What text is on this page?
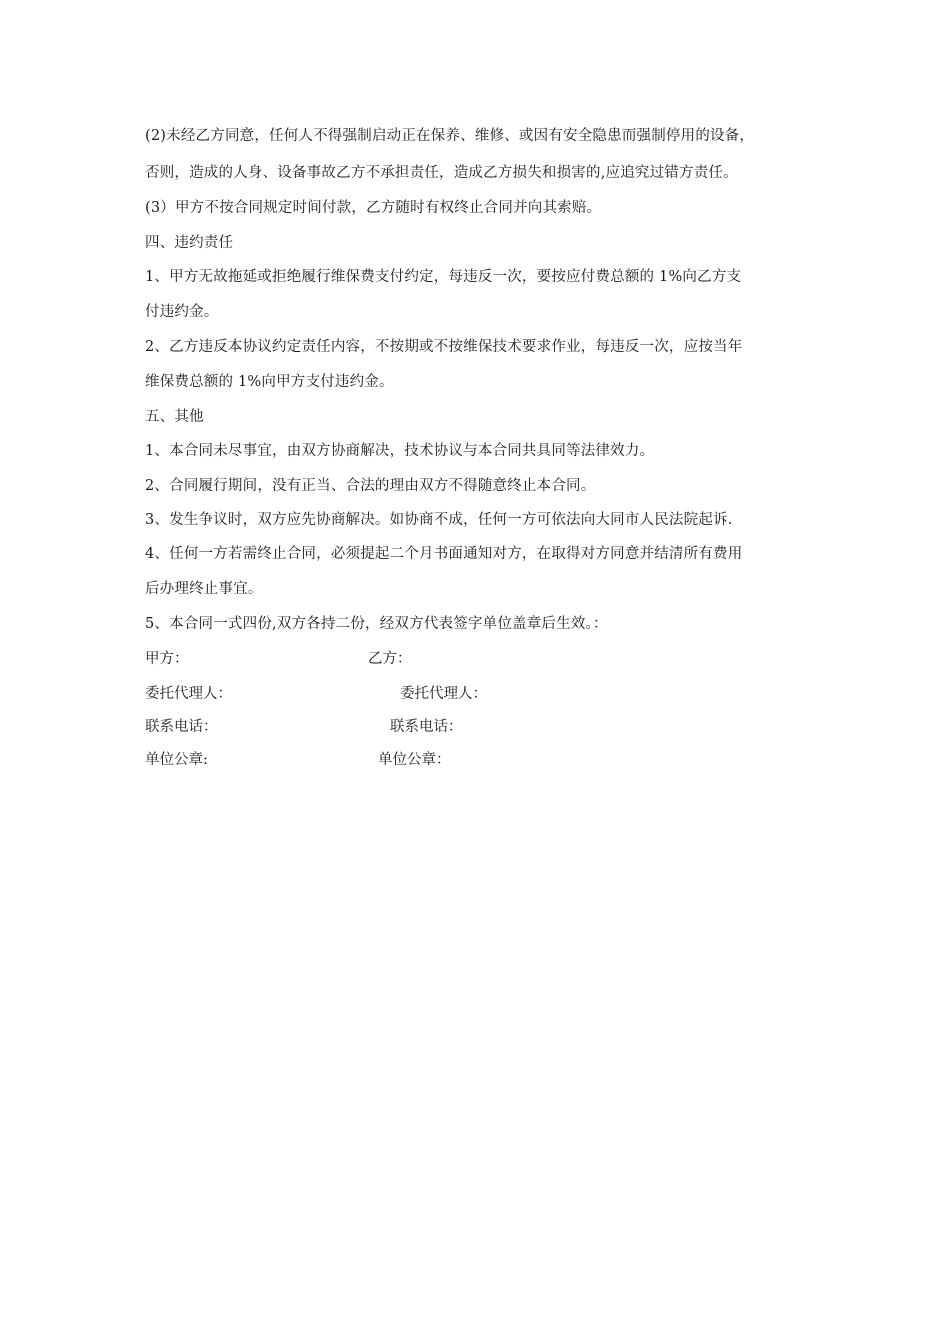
(2)未经乙方同意，任何人不得强制启动正在保养、维修、或因有安全隐患而强制停用的设备，
否则，造成的人身、设备事故乙方不承担责任，造成乙方损失和损害的,应追究过错方责任。
(3）甲方不按合同规定时间付款，乙方随时有权终止合同并向其索赔。
四、违约责任
1、甲方无故拖延或拒绝履行维保费支付约定，每违反一次，要按应付费总额的 1%向乙方支
付违约金。
2、乙方违反本协议约定责任内容，不按期或不按维保技术要求作业，每违反一次，应按当年
维保费总额的 1%向甲方支付违约金。
五、其他
1、本合同未尽事宜，由双方协商解决，技术协议与本合同共具同等法律效力。
2、合同履行期间，没有正当、合法的理由双方不得随意终止本合同。
3、发生争议时，双方应先协商解决。如协商不成，任何一方可依法向大同市人民法院起诉.
4、任何一方若需终止合同，必须提起二个月书面通知对方，在取得对方同意并结清所有费用
后办理终止事宜。
5、本合同一式四份,双方各持二份，经双方代表签字单位盖章后生效。：
甲方：	乙方：
委托代理人：	委托代理人：
联系电话：	联系电话：
单位公章:	单位公章：
